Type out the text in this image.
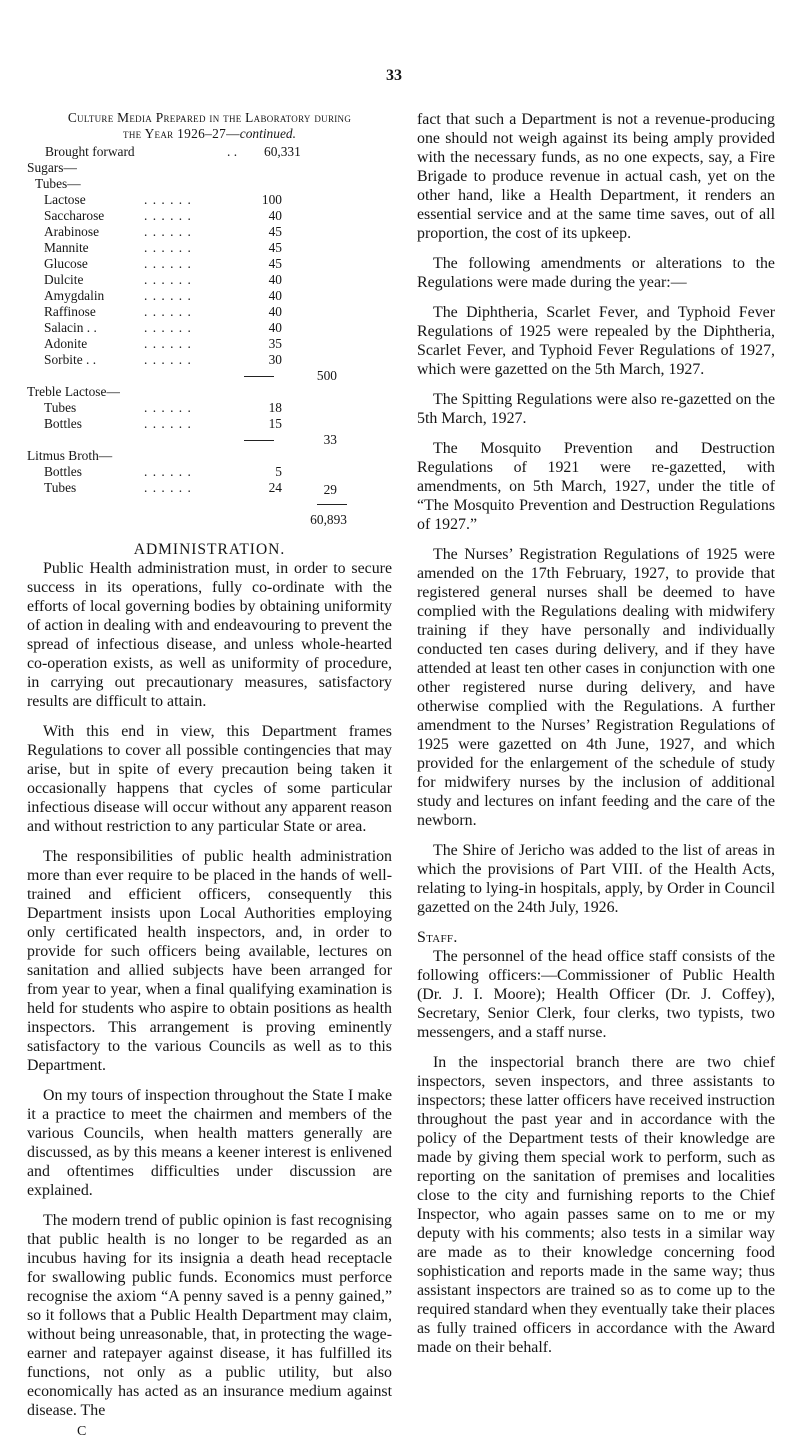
33
Culture Media Prepared in the Laboratory during
the Year 1926–27—continued.
Brought forward	. . 60,331
Sugars—
Tubes—
Lactose	. . . . . .	100
Saccharose	. . . . . .	40
Arabinose	. . . . . .	45
Mannite	. . . . . .	45
Glucose	. . . . . .	45
Dulcite	. . . . . .	40
Amygdalin	. . . . . .	40
Raffinose	. . . . . .	40
Salacin . .	. . . . . .	40
Adonite	. . . . . .	35
Sorbite . .	. . . . . .	30
500
Treble Lactose—
Tubes	. . . . . .	18
Bottles	. . . . . .	15
33
Litmus Broth—
Bottles	. . . . . .	5
Tubes	. . . . . .	24	29
60,893
ADMINISTRATION.

Public Health administration must, in order to secure success in its operations, fully co-ordinate with the efforts of local governing bodies by obtaining uniformity of action in dealing with and endeavouring to prevent the spread of infectious disease, and unless whole-hearted co-operation exists, as well as uniformity of procedure, in carrying out precautionary measures, satisfactory results are difficult to attain.

With this end in view, this Department frames Regulations to cover all possible contingencies that may arise, but in spite of every precaution being taken it occasionally happens that cycles of some particular infectious disease will occur without any apparent reason and without restriction to any particular State or area.

The responsibilities of public health administration more than ever require to be placed in the hands of well-trained and efficient officers, consequently this Department insists upon Local Authorities employing only certificated health inspectors, and, in order to provide for such officers being available, lectures on sanitation and allied subjects have been arranged for from year to year, when a final qualifying examination is held for students who aspire to obtain positions as health inspectors. This arrangement is proving eminently satisfactory to the various Councils as well as to this Department.

On my tours of inspection throughout the State I make it a practice to meet the chairmen and members of the various Councils, when health matters generally are discussed, as by this means a keener interest is enlivened and oftentimes difficulties under discussion are explained.

The modern trend of public opinion is fast recognising that public health is no longer to be regarded as an incubus having for its insignia a death head receptacle for swallowing public funds. Economics must perforce recognise the axiom “A penny saved is a penny gained,” so it follows that a Public Health Department may claim, without being unreasonable, that, in protecting the wage-earner and ratepayer against disease, it has fulfilled its functions, not only as a public utility, but also economically has acted as an insurance medium against disease. The

C

fact that such a Department is not a revenue-producing one should not weigh against its being amply provided with the necessary funds, as no one expects, say, a Fire Brigade to produce revenue in actual cash, yet on the other hand, like a Health Department, it renders an essential service and at the same time saves, out of all proportion, the cost of its upkeep.

The following amendments or alterations to the Regulations were made during the year:—

The Diphtheria, Scarlet Fever, and Typhoid Fever Regulations of 1925 were repealed by the Diphtheria, Scarlet Fever, and Typhoid Fever Regulations of 1927, which were gazetted on the 5th March, 1927.

The Spitting Regulations were also re-gazetted on the 5th March, 1927.

The Mosquito Prevention and Destruction Regulations of 1921 were re-gazetted, with amendments, on 5th March, 1927, under the title of “The Mosquito Prevention and Destruction Regulations of 1927.”

The Nurses’ Registration Regulations of 1925 were amended on the 17th February, 1927, to provide that registered general nurses shall be deemed to have complied with the Regulations dealing with midwifery training if they have personally and individually conducted ten cases during delivery, and if they have attended at least ten other cases in conjunction with one other registered nurse during delivery, and have otherwise complied with the Regulations. A further amendment to the Nurses’ Registration Regulations of 1925 were gazetted on 4th June, 1927, and which provided for the enlargement of the schedule of study for midwifery nurses by the inclusion of additional study and lectures on infant feeding and the care of the newborn.

The Shire of Jericho was added to the list of areas in which the provisions of Part VIII. of the Health Acts, relating to lying-in hospitals, apply, by Order in Council gazetted on the 24th July, 1926.

Staff.

The personnel of the head office staff consists of the following officers:—Commissioner of Public Health (Dr. J. I. Moore); Health Officer (Dr. J. Coffey), Secretary, Senior Clerk, four clerks, two typists, two messengers, and a staff nurse.

In the inspectorial branch there are two chief inspectors, seven inspectors, and three assistants to inspectors; these latter officers have received instruction throughout the past year and in accordance with the policy of the Department tests of their knowledge are made by giving them special work to perform, such as reporting on the sanitation of premises and localities close to the city and furnishing reports to the Chief Inspector, who again passes same on to me or my deputy with his comments; also tests in a similar way are made as to their knowledge concerning food sophistication and reports made in the same way; thus assistant inspectors are trained so as to come up to the required standard when they eventually take their places as fully trained officers in accordance with the Award made on their behalf.
